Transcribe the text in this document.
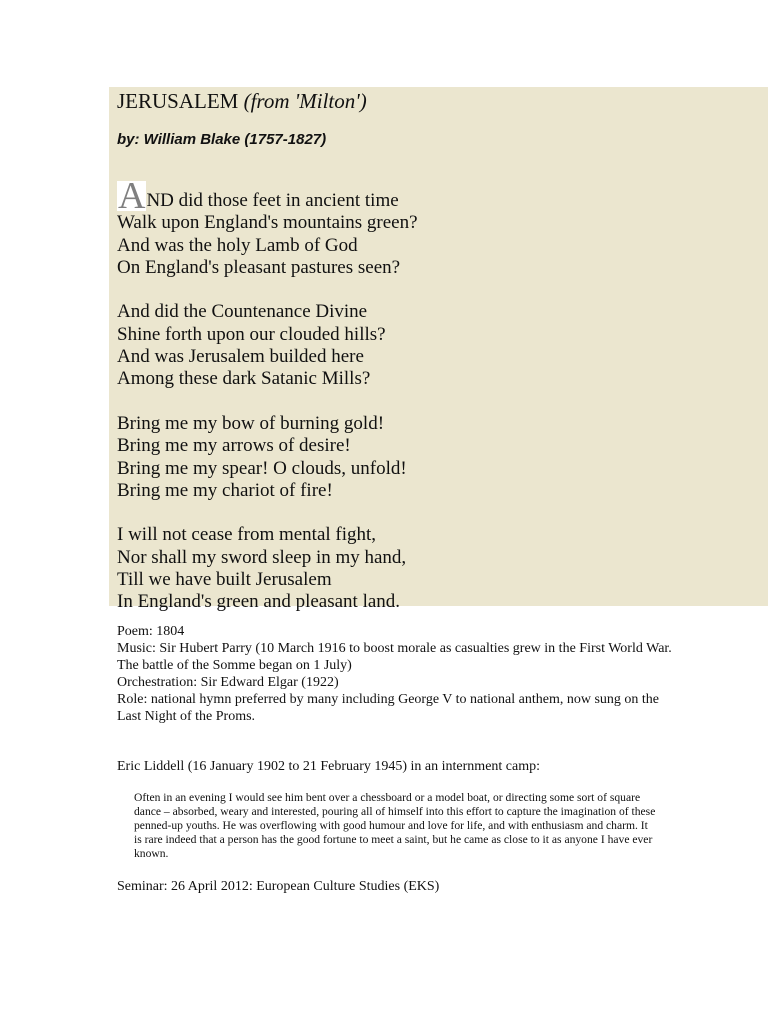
JERUSALEM (from 'Milton')
by: William Blake (1757-1827)
AND did those feet in ancient time
Walk upon England's mountains green?
And was the holy Lamb of God
On England's pleasant pastures seen?
And did the Countenance Divine
Shine forth upon our clouded hills?
And was Jerusalem builded here
Among these dark Satanic Mills?
Bring me my bow of burning gold!
Bring me my arrows of desire!
Bring me my spear! O clouds, unfold!
Bring me my chariot of fire!
I will not cease from mental fight,
Nor shall my sword sleep in my hand,
Till we have built Jerusalem
In England's green and pleasant land.

Poem: 1804

Music: Sir Hubert Parry (10 March 1916 to boost morale as casualties grew in the First World War. The battle of the Somme began on 1 July)

Orchestration: Sir Edward Elgar (1922)

Role: national hymn preferred by many including George V to national anthem, now sung on the Last Night of the Proms.

Eric Liddell (16 January 1902 to 21 February 1945) in an internment camp:
Often in an evening I would see him bent over a chessboard or a model boat, or directing some sort of square dance – absorbed, weary and interested, pouring all of himself into this effort to capture the imagination of these penned-up youths. He was overflowing with good humour and love for life, and with enthusiasm and charm. It is rare indeed that a person has the good fortune to meet a saint, but he came as close to it as anyone I have ever known.
Seminar: 26 April 2012: European Culture Studies (EKS)
